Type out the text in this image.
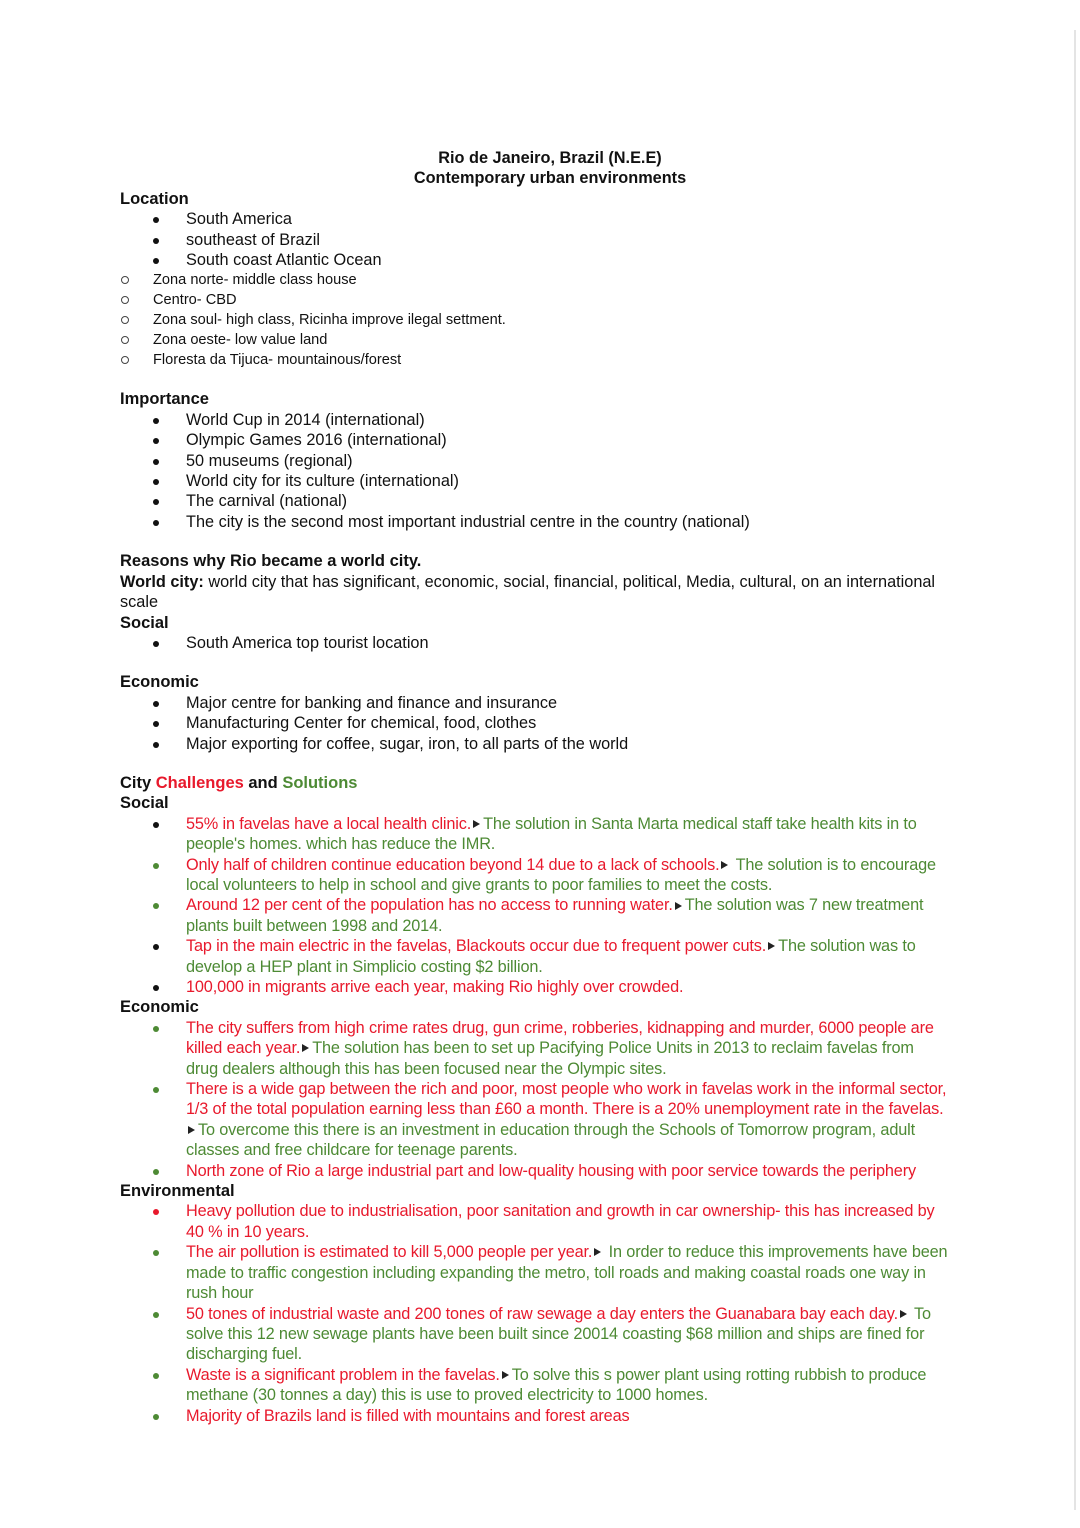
Rio de Janeiro, Brazil (N.E.E)
Contemporary urban environments
Location
South America
southeast of Brazil
South coast Atlantic Ocean
Zona norte- middle class house
Centro- CBD
Zona soul- high class, Ricinha improve ilegal settment.
Zona oeste- low value land
Floresta da Tijuca- mountainous/forest
Importance
World Cup in 2014 (international)
Olympic Games 2016 (international)
50 museums (regional)
World city for its culture (international)
The carnival (national)
The city is the second most important industrial centre in the country (national)
Reasons why Rio became a world city.
World city: world city that has significant, economic, social, financial, political, Media, cultural, on an international scale
Social
South America top tourist location
Economic
Major centre for banking and finance and insurance
Manufacturing Center for chemical, food, clothes
Major exporting for coffee, sugar, iron, to all parts of the world
City Challenges and Solutions
Social
55% in favelas have a local health clinic. The solution in Santa Marta medical staff take health kits in to people's homes. which has reduce the IMR.
Only half of children continue education beyond 14 due to a lack of schools. The solution is to encourage local volunteers to help in school and give grants to poor families to meet the costs.
Around 12 per cent of the population has no access to running water. The solution was 7 new treatment plants built between 1998 and 2014.
Tap in the main electric in the favelas, Blackouts occur due to frequent power cuts. The solution was to develop a HEP plant in Simplicio costing $2 billion.
100,000 in migrants arrive each year, making Rio highly over crowded.
Economic
The city suffers from high crime rates drug, gun crime, robberies, kidnapping and murder, 6000 people are killed each year. The solution has been to set up Pacifying Police Units in 2013 to reclaim favelas from drug dealers although this has been focused near the Olympic sites.
There is a wide gap between the rich and poor, most people who work in favelas work in the informal sector, 1/3 of the total population earning less than £60 a month. There is a 20% unemployment rate in the favelas.To overcome this there is an investment in education through the Schools of Tomorrow program, adult classes and free childcare for teenage parents.
North zone of Rio a large industrial part and low-quality housing with poor service towards the periphery
Environmental
Heavy pollution due to industrialisation, poor sanitation and growth in car ownership- this has increased by 40 % in 10 years.
The air pollution is estimated to kill 5,000 people per year. In order to reduce this improvements have been made to traffic congestion including expanding the metro, toll roads and making coastal roads one way in rush hour
50 tones of industrial waste and 200 tones of raw sewage a day enters the Guanabara bay each day. To solve this 12 new sewage plants have been built since 20014 coasting $68 million and ships are fined for discharging fuel.
Waste is a significant problem in the favelas. To solve this s power plant using rotting rubbish to produce methane (30 tonnes a day) this is use to proved electricity to 1000 homes.
Majority of Brazils land is filled with mountains and forest areas
